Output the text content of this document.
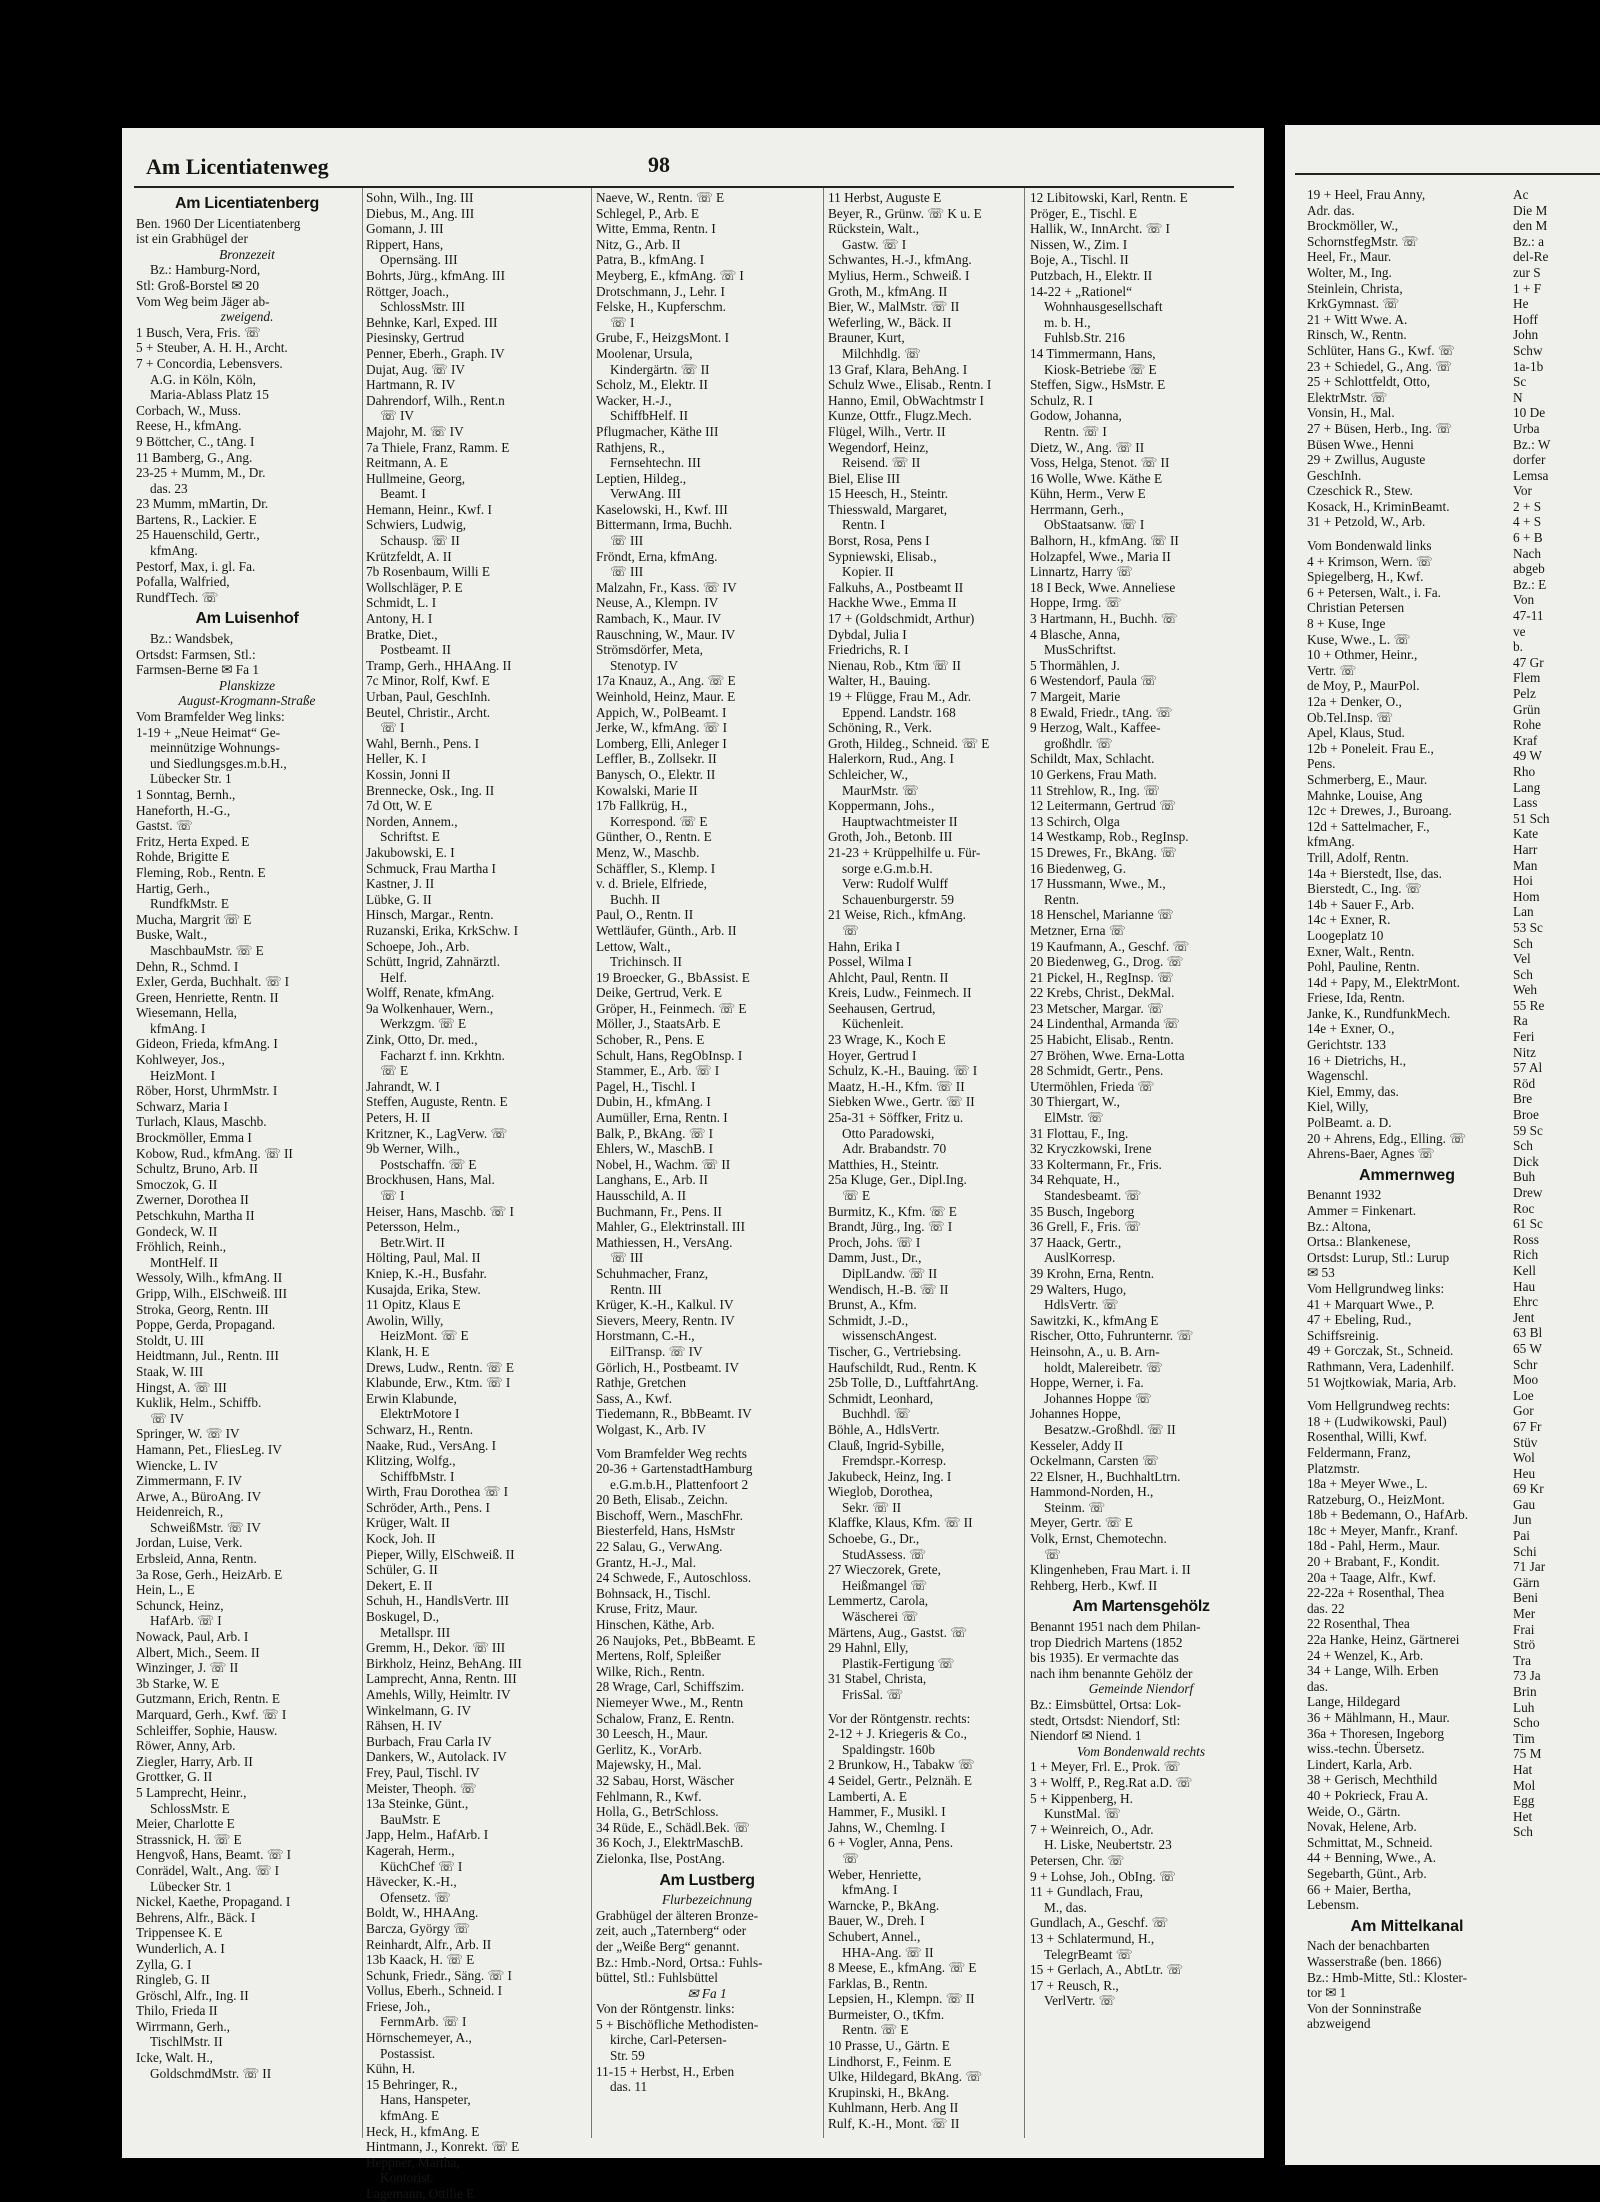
Am Licentiatenweg	98

Am Licentiatenberg

Ben. 1960 Der Licentiatenberg

ist ein Grabhügel der

Bronzezeit

Bz.: Hamburg-Nord,

Stl: Groß-Borstel ✉ 20

Vom Weg beim Jäger ab-

zweigend.

1 Busch, Vera, Fris. ☏

5 + Steuber, A. H. H., Archt.

7 + Concordia, Lebensvers.

A.G. in Köln, Köln,

Maria-Ablass Platz 15

Corbach, W., Muss.

Reese, H., kfmAng.

9 Böttcher, C., tAng. I

11 Bamberg, G., Ang.

23-25 + Mumm, M., Dr.

das. 23

23 Mumm, mMartin, Dr.

Bartens, R., Lackier. E

25 Hauenschild, Gertr.,

kfmAng.

Pestorf, Max, i. gl. Fa.

Pofalla, Walfried,

RundfTech. ☏

Am Luisenhof

Bz.: Wandsbek,

Ortsdst: Farmsen, Stl.:

Farmsen-Berne ✉ Fa 1

Planskizze

August-Krogmann-Straße

Vom Bramfelder Weg links:

1-19 + „Neue Heimat“ Ge-

meinnützige Wohnungs-

und Siedlungsges.m.b.H.,

Lübecker Str. 1

1 Sonntag, Bernh.,

Haneforth, H.-G.,

Gastst. ☏

Fritz, Herta Exped. E

Rohde, Brigitte E

Fleming, Rob., Rentn. E

Hartig, Gerh.,

RundfkMstr. E

Mucha, Margrit ☏ E

Buske, Walt.,

MaschbauMstr. ☏ E

Dehn, R., Schmd. I

Exler, Gerda, Buchhalt. ☏ I

Green, Henriette, Rentn. II

Wiesemann, Hella,

kfmAng. I

Gideon, Frieda, kfmAng. I

Kohlweyer, Jos.,

HeizMont. I

Röber, Horst, UhrmMstr. I

Schwarz, Maria I

Turlach, Klaus, Maschb.

Brockmöller, Emma I

Kobow, Rud., kfmAng. ☏ II

Schultz, Bruno, Arb. II

Smoczok, G. II

Zwerner, Dorothea II

Petschkuhn, Martha II

Gondeck, W. II

Fröhlich, Reinh.,

MontHelf. II

Wessoly, Wilh., kfmAng. II

Gripp, Wilh., ElSchweiß. III

Stroka, Georg, Rentn. III

Poppe, Gerda, Propagand.

Stoldt, U. III

Heidtmann, Jul., Rentn. III

Staak, W. III

Hingst, A. ☏ III

Kuklik, Helm., Schiffb.

☏ IV

Springer, W. ☏ IV

Hamann, Pet., FliesLeg. IV

Wiencke, L. IV

Zimmermann, F. IV

Arwe, A., BüroAng. IV

Heidenreich, R.,

SchweißMstr. ☏ IV

Jordan, Luise, Verk.

Erbsleid, Anna, Rentn.

3a Rose, Gerh., HeizArb. E

Hein, L., E

Schunck, Heinz,

HafArb. ☏ I

Nowack, Paul, Arb. I

Albert, Mich., Seem. II

Winzinger, J. ☏ II

3b Starke, W. E

Gutzmann, Erich, Rentn. E

Marquard, Gerh., Kwf. ☏ I

Schleiffer, Sophie, Hausw.

Röwer, Anny, Arb.

Ziegler, Harry, Arb. II

Grottker, G. II

5 Lamprecht, Heinr.,

SchlossMstr. E

Meier, Charlotte E

Strassnick, H. ☏ E

Hengvoß, Hans, Beamt. ☏ I

Conrädel, Walt., Ang. ☏ I

Lübecker Str. 1

Nickel, Kaethe, Propagand. I

Behrens, Alfr., Bäck. I

Trippensee K. E

Wunderlich, A. I

Zylla, G. I

Ringleb, G. II

Gröschl, Alfr., Ing. II

Thilo, Frieda II

Wirrmann, Gerh.,

TischlMstr. II

Icke, Walt. H.,

GoldschmdMstr. ☏ II

Sohn, Wilh., Ing. III

Diebus, M., Ang. III

Gomann, J. III

Rippert, Hans,

Opernsäng. III

Bohrts, Jürg., kfmAng. III

Röttger, Joach.,

SchlossMstr. III

Behnke, Karl, Exped. III

Piesinsky, Gertrud

Penner, Eberh., Graph. IV

Dujat, Aug. ☏ IV

Hartmann, R. IV

Dahrendorf, Wilh., Rent.n

☏ IV

Majohr, M. ☏ IV

7a Thiele, Franz, Ramm. E

Reitmann, A. E

Hullmeine, Georg,

Beamt. I

Hemann, Heinr., Kwf. I

Schwiers, Ludwig,

Schausp. ☏ II

Krützfeldt, A. II

7b Rosenbaum, Willi E

Wollschläger, P. E

Schmidt, L. I

Antony, H. I

Bratke, Diet.,

Postbeamt. II

Tramp, Gerh., HHAAng. II

7c Minor, Rolf, Kwf. E

Urban, Paul, GeschInh.

Beutel, Christir., Archt.

☏ I

Wahl, Bernh., Pens. I

Heller, K. I

Kossin, Jonni II

Brennecke, Osk., Ing. II

7d Ott, W. E

Norden, Annem.,

Schriftst. E

Jakubowski, E. I

Schmuck, Frau Martha I

Kastner, J. II

Lübke, G. II

Hinsch, Margar., Rentn.

Ruzanski, Erika, KrkSchw. I

Schoepe, Joh., Arb.

Schütt, Ingrid, Zahnärztl.

Helf.

Wolff, Renate, kfmAng.

9a Wolkenhauer, Wern.,

Werkzgm. ☏ E

Zink, Otto, Dr. med.,

Facharzt f. inn. Krkhtn.

☏ E

Jahrandt, W. I

Steffen, Auguste, Rentn. E

Peters, H. II

Kritzner, K., LagVerw. ☏

9b Werner, Wilh.,

Postschaffn. ☏ E

Brockhusen, Hans, Mal.

☏ I

Heiser, Hans, Maschb. ☏ I

Petersson, Helm.,

Betr.Wirt. II

Hölting, Paul, Mal. II

Kniep, K.-H., Busfahr.

Kusajda, Erika, Stew.

11 Opitz, Klaus E

Awolin, Willy,

HeizMont. ☏ E

Klank, H. E

Drews, Ludw., Rentn. ☏ E

Klabunde, Erw., Ktm. ☏ I

Erwin Klabunde,

ElektrMotore I

Schwarz, H., Rentn.

Naake, Rud., VersAng. I

Klitzing, Wolfg.,

SchiffbMstr. I

Wirth, Frau Dorothea ☏ I

Schröder, Arth., Pens. I

Krüger, Walt. II

Kock, Joh. II

Pieper, Willy, ElSchweiß. II

Schüler, G. II

Dekert, E. II

Schuh, H., HandlsVertr. III

Boskugel, D.,

Metallspr. III

Gremm, H., Dekor. ☏ III

Birkholz, Heinz, BehAng. III

Lamprecht, Anna, Rentn. III

Amehls, Willy, Heimltr. IV

Winkelmann, G. IV

Rähsen, H. IV

Burbach, Frau Carla IV

Dankers, W., Autolack. IV

Frey, Paul, Tischl. IV

Meister, Theoph. ☏

13a Steinke, Günt.,

BauMstr. E

Japp, Helm., HafArb. I

Kagerah, Herm.,

KüchChef ☏ I

Hävecker, K.-H.,

Ofensetz. ☏

Boldt, W., HHAAng.

Barcza, György ☏

Reinhardt, Alfr., Arb. II

13b Kaack, H. ☏ E

Schunk, Friedr., Säng. ☏ I

Vollus, Eberh., Schneid. I

Friese, Joh.,

FernmArb. ☏ I

Hörnschemeyer, A.,

Postassist.

Kühn, H.

15 Behringer, R.,

Hans, Hanspeter,

kfmAng. E

Heck, H., kfmAng. E

Hintmann, J., Konrekt. ☏ E

Heppner, Martha,

Kontorist.

Lagemann, Ottilie E

Naeve, W., Rentn. ☏ E

Schlegel, P., Arb. E

Witte, Emma, Rentn. I

Nitz, G., Arb. II

Patra, B., kfmAng. I

Meyberg, E., kfmAng. ☏ I

Drotschmann, J., Lehr. I

Felske, H., Kupferschm.

☏ I

Grube, F., HeizgsMont. I

Moolenar, Ursula,

Kindergärtn. ☏ II

Scholz, M., Elektr. II

Wacker, H.-J.,

SchiffbHelf. II

Pflugmacher, Käthe III

Rathjens, R.,

Fernsehtechn. III

Leptien, Hildeg.,

VerwAng. III

Kaselowski, H., Kwf. III

Bittermann, Irma, Buchh.

☏ III

Fröndt, Erna, kfmAng.

☏ III

Malzahn, Fr., Kass. ☏ IV

Neuse, A., Klempn. IV

Rambach, K., Maur. IV

Rauschning, W., Maur. IV

Strömsdörfer, Meta,

Stenotyp. IV

17a Knauz, A., Ang. ☏ E

Weinhold, Heinz, Maur. E

Appich, W., PolBeamt. I

Jerke, W., kfmAng. ☏ I

Lomberg, Elli, Anleger I

Leffler, B., Zollsekr. II

Banysch, O., Elektr. II

Kowalski, Marie II

17b Fallkrüg, H.,

Korrespond. ☏ E

Günther, O., Rentn. E

Menz, W., Maschb.

Schäffler, S., Klemp. I

v. d. Briele, Elfriede,

Buchh. II

Paul, O., Rentn. II

Wettläufer, Günth., Arb. II

Lettow, Walt.,

Trichinsch. II

19 Broecker, G., BbAssist. E

Deike, Gertrud, Verk. E

Gröper, H., Feinmech. ☏ E

Möller, J., StaatsArb. E

Schober, R., Pens. E

Schult, Hans, RegObInsp. I

Stammer, E., Arb. ☏ I

Pagel, H., Tischl. I

Dubin, H., kfmAng. I

Aumüller, Erna, Rentn. I

Balk, P., BkAng. ☏ I

Ehlers, W., MaschB. I

Nobel, H., Wachm. ☏ II

Langhans, E., Arb. II

Hausschild, A. II

Buchmann, Fr., Pens. II

Mahler, G., Elektrinstall. III

Mathiessen, H., VersAng.

☏ III

Schuhmacher, Franz,

Rentn. III

Krüger, K.-H., Kalkul. IV

Sievers, Meery, Rentn. IV

Horstmann, C.-H.,

EilTransp. ☏ IV

Görlich, H., Postbeamt. IV

Rathje, Gretchen

Sass, A., Kwf.

Tiedemann, R., BbBeamt. IV

Wolgast, K., Arb. IV

Vom Bramfelder Weg rechts

20-36 + GartenstadtHamburg

e.G.m.b.H., Plattenfoort 2

20 Beth, Elisab., Zeichn.

Bischoff, Wern., MaschFhr.

Biesterfeld, Hans, HsMstr

22 Salau, G., VerwAng.

Grantz, H.-J., Mal.

24 Schwede, F., Autoschloss.

Bohnsack, H., Tischl.

Kruse, Fritz, Maur.

Hinschen, Käthe, Arb.

26 Naujoks, Pet., BbBeamt. E

Mertens, Rolf, Spleißer

Wilke, Rich., Rentn.

28 Wrage, Carl, Schiffszim.

Niemeyer Wwe., M., Rentn

Schalow, Franz, E. Rentn.

30 Leesch, H., Maur.

Gerlitz, K., VorArb.

Majewsky, H., Mal.

32 Sabau, Horst, Wäscher

Fehlmann, R., Kwf.

Holla, G., BetrSchloss.

34 Rüde, E., Schädl.Bek. ☏

36 Koch, J., ElektrMaschB.

Zielonka, Ilse, PostAng.

Am Lustberg

Flurbezeichnung

Grabhügel der älteren Bronze-

zeit, auch „Taternberg“ oder

der „Weiße Berg“ genannt.

Bz.: Hmb.-Nord, Ortsa.: Fuhls-

büttel, Stl.: Fuhlsbüttel

✉ Fa 1

Von der Röntgenstr. links:

5 + Bischöfliche Methodisten-

kirche, Carl-Petersen-

Str. 59

11-15 + Herbst, H., Erben

das. 11

11 Herbst, Auguste E

Beyer, R., Grünw. ☏ K u. E

Rückstein, Walt.,

Gastw. ☏ I

Schwantes, H.-J., kfmAng.

Mylius, Herm., Schweiß. I

Groth, M., kfmAng. II

Bier, W., MalMstr. ☏ II

Weferling, W., Bäck. II

Brauner, Kurt,

Milchhdlg. ☏

13 Graf, Klara, BehAng. I

Schulz Wwe., Elisab., Rentn. I

Hanno, Emil, ObWachtmstr I

Kunze, Ottfr., Flugz.Mech.

Flügel, Wilh., Vertr. II

Wegendorf, Heinz,

Reisend. ☏ II

Biel, Elise III

15 Heesch, H., Steintr.

Thiesswald, Margaret,

Rentn. I

Borst, Rosa, Pens I

Sypniewski, Elisab.,

Kopier. II

Falkuhs, A., Postbeamt II

Hackhe Wwe., Emma II

17 + (Goldschmidt, Arthur)

Dybdal, Julia I

Friedrichs, R. I

Nienau, Rob., Ktm ☏ II

Walter, H., Bauing.

19 + Flügge, Frau M., Adr.

Eppend. Landstr. 168

Schöning, R., Verk.

Groth, Hildeg., Schneid. ☏ E

Halerkorn, Rud., Ang. I

Schleicher, W.,

MaurMstr. ☏

Koppermann, Johs.,

Hauptwachtmeister II

Groth, Joh., Betonb. III

21-23 + Krüppelhilfe u. Für-

sorge e.G.m.b.H.

Verw: Rudolf Wulff

Schauenburgerstr. 59

21 Weise, Rich., kfmAng.

☏

Hahn, Erika I

Possel, Wilma I

Ahlcht, Paul, Rentn. II

Kreis, Ludw., Feinmech. II

Seehausen, Gertrud,

Küchenleit.

23 Wrage, K., Koch E

Hoyer, Gertrud I

Schulz, K.-H., Bauing. ☏ I

Maatz, H.-H., Kfm. ☏ II

Siebken Wwe., Gertr. ☏ II

25a-31 + Söffker, Fritz u.

Otto Paradowski,

Adr. Brabandstr. 70

Matthies, H., Steintr.

25a Kluge, Ger., Dipl.Ing.

☏ E

Burmitz, K., Kfm. ☏ E

Brandt, Jürg., Ing. ☏ I

Proch, Johs. ☏ I

Damm, Just., Dr.,

DiplLandw. ☏ II

Wendisch, H.-B. ☏ II

Brunst, A., Kfm.

Schmidt, J.-D.,

wissenschAngest.

Tischer, G., Vertriebsing.

Haufschildt, Rud., Rentn. K

25b Tolle, D., LuftfahrtAng.

Schmidt, Leonhard,

Buchhdl. ☏

Böhle, A., HdlsVertr.

Clauß, Ingrid-Sybille,

Fremdspr.-Korresp.

Jakubeck, Heinz, Ing. I

Wieglob, Dorothea,

Sekr. ☏ II

Klaffke, Klaus, Kfm. ☏ II

Schoebe, G., Dr.,

StudAssess. ☏

27 Wieczorek, Grete,

Heißmangel ☏

Lemmertz, Carola,

Wäscherei ☏

Märtens, Aug., Gastst. ☏

29 Hahnl, Elly,

Plastik-Fertigung ☏

31 Stabel, Christa,

FrisSal. ☏

Vor der Röntgenstr. rechts:

2-12 + J. Kriegeris & Co.,

Spaldingstr. 160b

2 Brunkow, H., Tabakw ☏

4 Seidel, Gertr., Pelznäh. E

Lamberti, A. E

Hammer, F., Musikl. I

Jahns, W., Chemlng. I

6 + Vogler, Anna, Pens.

☏

Weber, Henriette,

kfmAng. I

Warncke, P., BkAng.

Bauer, W., Dreh. I

Schubert, Annel.,

HHA-Ang. ☏ II

8 Meese, E., kfmAng. ☏ E

Farklas, B., Rentn.

Lepsien, H., Klempn. ☏ II

Burmeister, O., tKfm.

Rentn. ☏ E

10 Prasse, U., Gärtn. E

Lindhorst, F., Feinm. E

Ulke, Hildegard, BkAng. ☏

Krupinski, H., BkAng.

Kuhlmann, Herb. Ang II

Rulf, K.-H., Mont. ☏ II

12 Libitowski, Karl, Rentn. E

Pröger, E., Tischl. E

Hallik, W., InnArcht. ☏ I

Nissen, W., Zim. I

Boje, A., Tischl. II

Putzbach, H., Elektr. II

14-22 + „Rationel“

Wohnhausgesellschaft

m. b. H.,

Fuhlsb.Str. 216

14 Timmermann, Hans,

Kiosk-Betriebe ☏ E

Steffen, Sigw., HsMstr. E

Schulz, R. I

Godow, Johanna,

Rentn. ☏ I

Dietz, W., Ang. ☏ II

Voss, Helga, Stenot. ☏ II

16 Wolle, Wwe. Käthe E

Kühn, Herm., Verw E

Herrmann, Gerh.,

ObStaatsanw. ☏ I

Balhorn, H., kfmAng. ☏ II

Holzapfel, Wwe., Maria II

Linnartz, Harry ☏

18 I Beck, Wwe. Anneliese

Hoppe, Irmg. ☏

3 Hartmann, H., Buchh. ☏

4 Blasche, Anna,

MusSchriftst.

5 Thormählen, J.

6 Westendorf, Paula ☏

7 Margeit, Marie

8 Ewald, Friedr., tAng. ☏

9 Herzog, Walt., Kaffee-

großhdlr. ☏

Schildt, Max, Schlacht.

10 Gerkens, Frau Math.

11 Strehlow, R., Ing. ☏

12 Leitermann, Gertrud ☏

13 Schirch, Olga

14 Westkamp, Rob., RegInsp.

15 Drewes, Fr., BkAng. ☏

16 Biedenweg, G.

17 Hussmann, Wwe., M.,

Rentn.

18 Henschel, Marianne ☏

Metzner, Erna ☏

19 Kaufmann, A., Geschf. ☏

20 Biedenweg, G., Drog. ☏

21 Pickel, H., RegInsp. ☏

22 Krebs, Christ., DekMal.

23 Metscher, Margar. ☏

24 Lindenthal, Armanda ☏

25 Habicht, Elisab., Rentn.

27 Bröhen, Wwe. Erna-Lotta

28 Schmidt, Gertr., Pens.

Utermöhlen, Frieda ☏

30 Thiergart, W.,

ElMstr. ☏

31 Flottau, F., Ing.

32 Kryczkowski, Irene

33 Koltermann, Fr., Fris.

34 Rehquate, H.,

Standesbeamt. ☏

35 Busch, Ingeborg

36 Grell, F., Fris. ☏

37 Haack, Gertr.,

AuslKorresp.

39 Krohn, Erna, Rentn.

29 Walters, Hugo,

HdlsVertr. ☏

Sawitzki, K., kfmAng E

Rischer, Otto, Fuhrunternr. ☏

Heinsohn, A., u. B. Arn-

holdt, Malereibetr. ☏

Hoppe, Werner, i. Fa.

Johannes Hoppe ☏

Johannes Hoppe,

Besatzw.-Großhdl. ☏ II

Kesseler, Addy II

Ockelmann, Carsten ☏

22 Elsner, H., BuchhaltLtrn.

Hammond-Norden, H.,

Steinm. ☏

Meyer, Gertr. ☏ E

Volk, Ernst, Chemotechn.

☏

Klingenheben, Frau Mart. i. II

Rehberg, Herb., Kwf. II

Am Martensgehölz

Benannt 1951 nach dem Philan-

trop Diedrich Martens (1852

bis 1935). Er vermachte das

nach ihm benannte Gehölz der

Gemeinde Niendorf

Bz.: Eimsbüttel, Ortsa: Lok-

stedt, Ortsdst: Niendorf, Stl:

Niendorf ✉ Niend. 1

Vom Bondenwald rechts

1 + Meyer, Frl. E., Prok. ☏

3 + Wolff, P., Reg.Rat a.D. ☏

5 + Kippenberg, H.

KunstMal. ☏

7 + Weinreich, O., Adr.

H. Liske, Neubertstr. 23

Petersen, Chr. ☏

9 + Lohse, Joh., ObIng. ☏

11 + Gundlach, Frau,

M., das.

Gundlach, A., Geschf. ☏

13 + Schlatermund, H.,

TelegrBeamt ☏

15 + Gerlach, A., AbtLtr. ☏

17 + Reusch, R.,

VerlVertr. ☏

19 + Heel, Frau Anny,

Adr. das.

Brockmöller, W.,

SchornstfegMstr. ☏

Heel, Fr., Maur.

Wolter, M., Ing.

Steinlein, Christa,

KrkGymnast. ☏

21 + Witt Wwe. A.

Rinsch, W., Rentn.

Schlüter, Hans G., Kwf. ☏

23 + Schiedel, G., Ang. ☏

25 + Schlottfeldt, Otto,

ElektrMstr. ☏

Vonsin, H., Mal.

27 + Büsen, Herb., Ing. ☏

Büsen Wwe., Henni

29 + Zwillus, Auguste

GeschInh.

Czeschick R., Stew.

Kosack, H., KriminBeamt.

31 + Petzold, W., Arb.

Vom Bondenwald links

4 + Krimson, Wern. ☏

Spiegelberg, H., Kwf.

6 + Petersen, Walt., i. Fa.

Christian Petersen

8 + Kuse, Inge

Kuse, Wwe., L. ☏

10 + Othmer, Heinr.,

Vertr. ☏

de Moy, P., MaurPol.

12a + Denker, O.,

Ob.Tel.Insp. ☏

Apel, Klaus, Stud.

12b + Poneleit. Frau E.,

Pens.

Schmerberg, E., Maur.

Mahnke, Louise, Ang

12c + Drewes, J., Buroang.

12d + Sattelmacher, F.,

kfmAng.

Trill, Adolf, Rentn.

14a + Bierstedt, Ilse, das.

Bierstedt, C., Ing. ☏

14b + Sauer F., Arb.

14c + Exner, R.

Loogeplatz 10

Exner, Walt., Rentn.

Pohl, Pauline, Rentn.

14d + Papy, M., ElektrMont.

Friese, Ida, Rentn.

Janke, K., RundfunkMech.

14e + Exner, O.,

Gerichtstr. 133

16 + Dietrichs, H.,

Wagenschl.

Kiel, Emmy, das.

Kiel, Willy,

PolBeamt. a. D.

20 + Ahrens, Edg., Elling. ☏

Ahrens-Baer, Agnes ☏

Ammernweg

Benannt 1932

Ammer = Finkenart.

Bz.: Altona,

Ortsa.: Blankenese,

Ortsdst: Lurup, Stl.: Lurup

✉ 53

Vom Hellgrundweg links:

41 + Marquart Wwe., P.

47 + Ebeling, Rud.,

Schiffsreinig.

49 + Gorczak, St., Schneid.

Rathmann, Vera, Ladenhilf.

51 Wojtkowiak, Maria, Arb.

Vom Hellgrundweg rechts:

18 + (Ludwikowski, Paul)

Rosenthal, Willi, Kwf.

Feldermann, Franz,

Platzmstr.

18a + Meyer Wwe., L.

Ratzeburg, O., HeizMont.

18b + Bedemann, O., HafArb.

18c + Meyer, Manfr., Kranf.

18d - Pahl, Herm., Maur.

20 + Brabant, F., Kondit.

20a + Taage, Alfr., Kwf.

22-22a + Rosenthal, Thea

das. 22

22 Rosenthal, Thea

22a Hanke, Heinz, Gärtnerei

24 + Wenzel, K., Arb.

34 + Lange, Wilh. Erben

das.

Lange, Hildegard

36 + Mählmann, H., Maur.

36a + Thoresen, Ingeborg

wiss.-techn. Übersetz.

Lindert, Karla, Arb.

38 + Gerisch, Mechthild

40 + Pokrieck, Frau A.

Weide, O., Gärtn.

Novak, Helene, Arb.

Schmittat, M., Schneid.

44 + Benning, Wwe., A.

Segebarth, Günt., Arb.

66 + Maier, Bertha,

Lebensm.

Am Mittelkanal

Nach der benachbarten

Wasserstraße (ben. 1866)

Bz.: Hmb-Mitte, Stl.: Kloster-

tor ✉ 1

Von der Sonninstraße

abzweigend

Ac

Die M

den M

Bz.: a

del-Re

zur S

1 + F

He

Hoff

John

Schw

1a-1b

Sc

N

10 De

Urba

Bz.: W

dorfer

Lemsa

Vor

2 + S

4 + S

6 + B

Nach

abgeb

Bz.: E

Von

47-11

ve

b.

47 Gr

Flem

Pelz

Grün

Rohe

Kraf

49 W

Rho

Lang

Lass

51 Sch

Kate

Harr

Man

Hoi

Hom

Lan

53 Sc

Sch

Vel

Sch

Weh

55 Re

Ra

Feri

Nitz

57 Al

Röd

Bre

Broe

59 Sc

Sch

Dick

Buh

Drew

Roc

61 Sc

Ross

Rich

Kell

Hau

Ehrc

Jent

63 Bl

65 W

Schr

Moo

Loe

Gor

67 Fr

Stüv

Wol

Heu

69 Kr

Gau

Jun

Pai

Schi

71 Jar

Gärn

Beni

Mer

Frai

Strö

Tra

73 Ja

Brin

Luh

Scho

Tim

75 M

Hat

Mol

Egg

Het

Sch
